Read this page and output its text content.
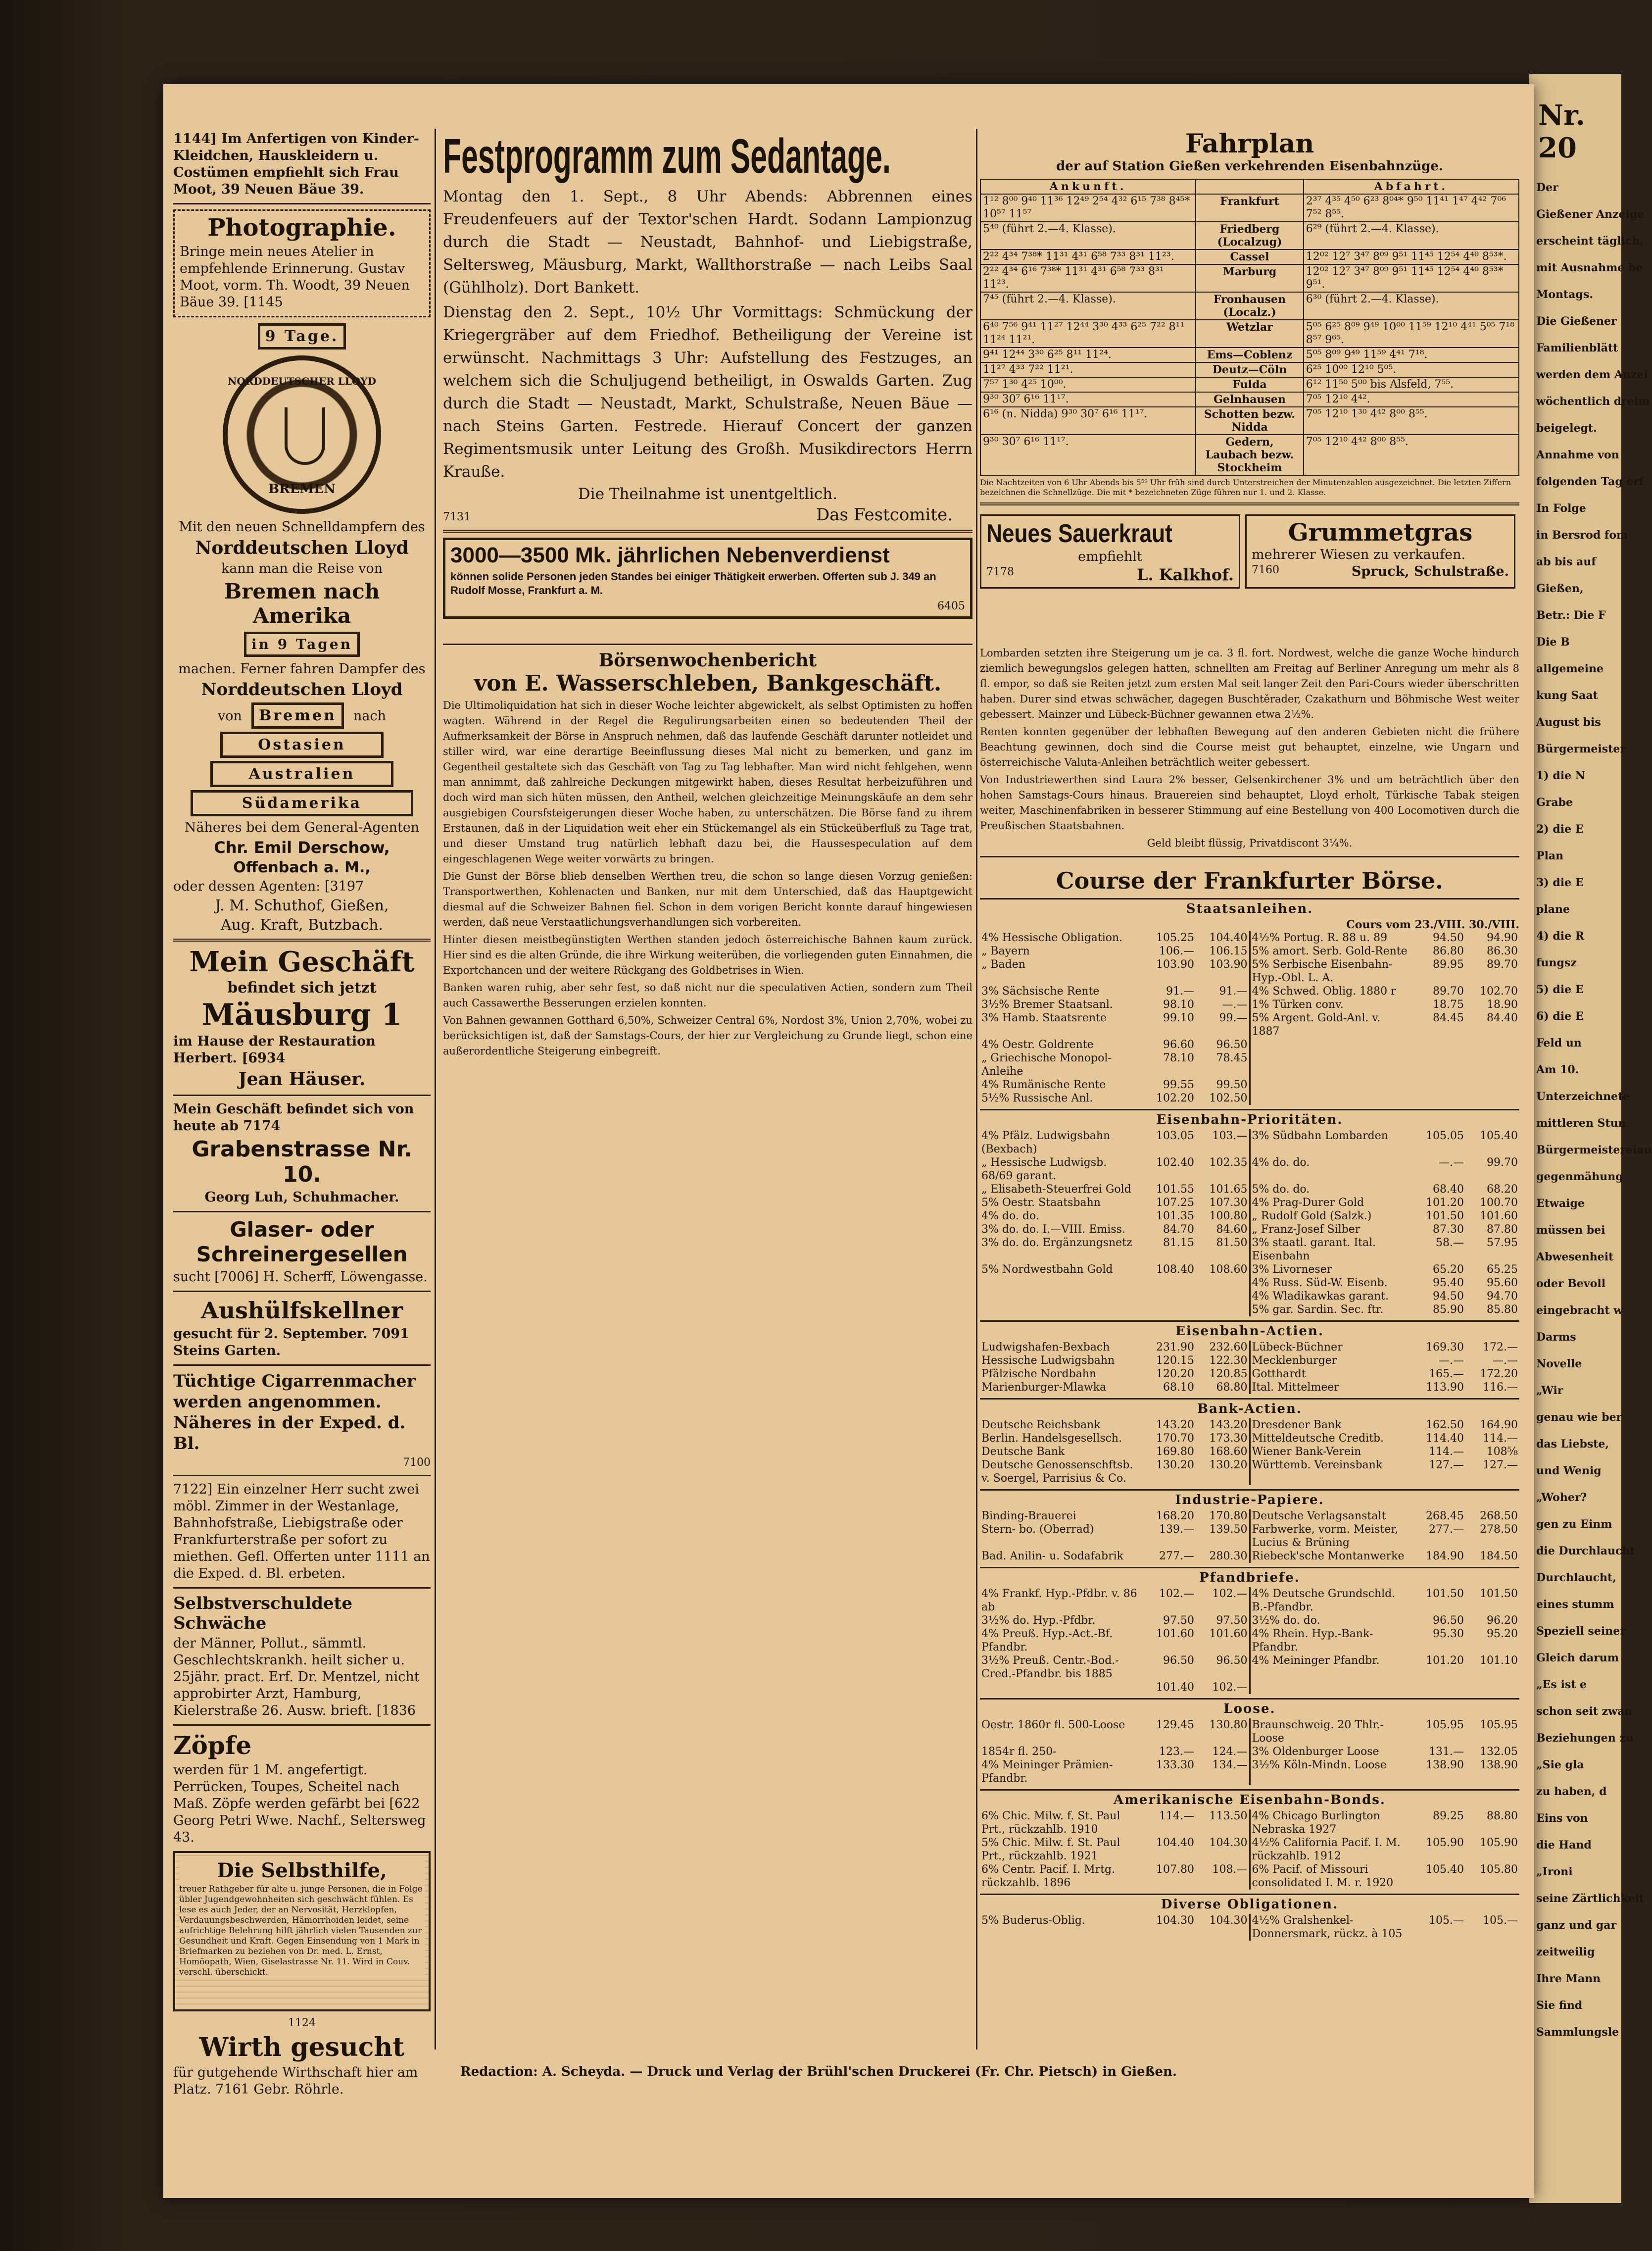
Nr. 20
Der
Gießener Anzeige
erscheint täglich,
mit Ausnahme be
Montags.
Die Gießener
Familienblätt
werden dem Anzei
wöchentlich dreim
beigelegt.
Annahme von
folgenden Tag erf
In Folge
in Bersrod fom
ab bis auf
Gießen,
Betr.: Die F
Die B
allgemeine
kung Saat
August bis
Bürgermeister
1) die N
Grabe
2) die E
Plan
3) die E
plane
4) die R
fungsz
5) die E
6) die E
Feld un
Am 10.
Unterzeichnete
mittleren Stun
Bürgermeistereiau
gegenmähung
Etwaige
müssen bei
Abwesenheit
oder Bevoll
eingebracht w
Darms
Novelle
„Wir
genau wie ber
das Liebste,
und Wenig
„Woher?
gen zu Einm
die Durchlaucht
Durchlaucht,
eines stumm
Speziell seiner
Gleich darum
„Es ist e
schon seit zwan
Beziehungen zu
„Sie gla
zu haben, d
Eins von
die Hand
„Ironi
seine Zärtlichkeit
ganz und gar
zeitweilig
Ihre Mann
Sie find
Sammlungsle

1144] Im Anfertigen von Kinder-Kleidchen, Hauskleidern u. Costümen empfiehlt sich Frau Moot, 39 Neuen Bäue 39.

Photographie.

Bringe mein neues Atelier in empfehlende Erinnerung. Gustav Moot, vorm. Th. Woodt, 39 Neuen Bäue 39. [1145

9 Tage.
NORDDEUTSCHER LLOYD
BREMEN

Mit den neuen Schnelldampfern des

Norddeutschen Lloyd

kann man die Reise von

Bremen nach Amerika

in 9 Tagen

machen. Ferner fahren Dampfer des

Norddeutschen Lloyd

von Bremen nach
Ostasien
Australien
Südamerika

Näheres bei dem General-Agenten

Chr. Emil Derschow,

Offenbach a. M.,

oder dessen Agenten: [3197

J. M. Schuthof, Gießen,

Aug. Kraft, Butzbach.

Mein Geschäft

befindet sich jetzt

Mäusburg 1

im Hause der Restauration Herbert. [6934

Jean Häuser.

Mein Geschäft befindet sich von heute ab 7174

Grabenstrasse Nr. 10.

Georg Luh, Schuhmacher.

Glaser- oder Schreinergesellen

sucht [7006] H. Scherff, Löwengasse.

Aushülfskellner

gesucht für 2. September. 7091 Steins Garten.

Tüchtige Cigarrenmacher werden angenommen. Näheres in der Exped. d. Bl.

7100

7122] Ein einzelner Herr sucht zwei möbl. Zimmer in der Westanlage, Bahnhofstraße, Liebigstraße oder Frankfurterstraße per sofort zu miethen. Gefl. Offerten unter 1111 an die Exped. d. Bl. erbeten.

Selbstverschuldete Schwäche

der Männer, Pollut., sämmtl. Geschlechtskrankh. heilt sicher u. 25jähr. pract. Erf. Dr. Mentzel, nicht approbirter Arzt, Hamburg, Kielerstraße 26. Ausw. brieft. [1836

Zöpfe

werden für 1 M. angefertigt. Perrücken, Toupes, Scheitel nach Maß. Zöpfe werden gefärbt bei [622 Georg Petri Wwe. Nachf., Seltersweg 43.

Die Selbsthilfe,

treuer Rathgeber für alte u. junge Personen, die in Folge übler Jugendgewohnheiten sich geschwächt fühlen. Es lese es auch Jeder, der an Nervosität, Herzklopfen, Verdauungsbeschwerden, Hämorrhoiden leidet, seine aufrichtige Belehrung hilft jährlich vielen Tausenden zur Gesundheit und Kraft. Gegen Einsendung von 1 Mark in Briefmarken zu beziehen von Dr. med. L. Ernst, Homöopath, Wien, Giselastrasse Nr. 11. Wird in Couv. verschl. überschickt.

1124

Wirth gesucht

für gutgehende Wirthschaft hier am Platz. 7161 Gebr. Röhrle.

Festprogramm zum Sedantage.

Montag den 1. Sept., 8 Uhr Abends: Abbrennen eines Freudenfeuers auf der Textor'schen Hardt. Sodann Lampionzug durch die Stadt — Neustadt, Bahnhof- und Liebigstraße, Seltersweg, Mäusburg, Markt, Wallthorstraße — nach Leibs Saal (Gühlholz). Dort Bankett.

Dienstag den 2. Sept., 10½ Uhr Vormittags: Schmückung der Kriegergräber auf dem Friedhof. Betheiligung der Vereine ist erwünscht. Nachmittags 3 Uhr: Aufstellung des Festzuges, an welchem sich die Schuljugend betheiligt, in Oswalds Garten. Zug durch die Stadt — Neustadt, Markt, Schulstraße, Neuen Bäue — nach Steins Garten. Festrede. Hierauf Concert der ganzen Regimentsmusik unter Leitung des Großh. Musikdirectors Herrn Krauße.

Die Theilnahme ist unentgeltlich.

7131	Das Festcomite.
3000—3500 Mk. jährlichen Nebenverdienst

können solide Personen jeden Standes bei einiger Thätigkeit erwerben. Offerten sub J. 349 an Rudolf Mosse, Frankfurt a. M.

6405

Fahrplan
der auf Station Gießen verkehrenden Eisenbahnzüge.
Ankunft.		Abfahrt.
1¹² 8⁰⁰ 9⁴⁰ 11³⁶ 12⁴⁹ 2⁵⁴ 4³² 6¹⁵ 7³⁸ 8⁴⁵* 10⁵⁷ 11⁵⁷	Frankfurt	2³⁷ 4³⁵ 4⁵⁰ 6²³ 8⁰⁴* 9⁵⁰ 11⁴¹ 1⁴⁷ 4⁴² 7⁰⁶ 7⁵² 8⁵⁵.
5⁴⁰ (führt 2.—4. Klasse).	Friedberg (Localzug)	6²⁹ (führt 2.—4. Klasse).
2²² 4³⁴ 7³⁸* 11³¹ 4³¹ 6⁵⁸ 7³³ 8³¹ 11²³.	Cassel	12⁰² 12⁷ 3⁴⁷ 8⁰⁹ 9⁵¹ 11⁴⁵ 12⁵⁴ 4⁴⁰ 8⁵³*.
2²² 4³⁴ 6¹⁶ 7³⁸* 11³¹ 4³¹ 6⁵⁸ 7³³ 8³¹ 11²³.	Marburg	12⁰² 12⁷ 3⁴⁷ 8⁰⁹ 9⁵¹ 11⁴⁵ 12⁵⁴ 4⁴⁰ 8⁵³* 9⁵¹.
7⁴⁵ (führt 2.—4. Klasse).	Fronhausen (Localz.)	6³⁰ (führt 2.—4. Klasse).
6⁴⁰ 7⁵⁶ 9⁴¹ 11²⁷ 12⁴⁴ 3³⁰ 4³³ 6²⁵ 7²² 8¹¹ 11²⁴ 11²¹.	Wetzlar	5⁰⁵ 6²⁵ 8⁰⁹ 9⁴⁹ 10⁰⁰ 11⁵⁹ 12¹⁰ 4⁴¹ 5⁰⁵ 7¹⁸ 8⁵⁷ 9⁶⁵.
9⁴¹ 12⁴⁴ 3³⁰ 6²⁵ 8¹¹ 11²⁴.	Ems—Coblenz	5⁰⁵ 8⁰⁹ 9⁴⁹ 11⁵⁹ 4⁴¹ 7¹⁸.
11²⁷ 4³³ 7²² 11²¹.	Deutz—Cöln	6²⁵ 10⁰⁰ 12¹⁰ 5⁰⁵.
7⁵⁷ 1³⁰ 4²⁵ 10⁰⁰.	Fulda	6¹² 11⁵⁰ 5⁰⁰ bis Alsfeld, 7⁵⁵.
9³⁰ 30⁷ 6¹⁶ 11¹⁷.	Gelnhausen	7⁰⁵ 12¹⁰ 4⁴².
6¹⁶ (n. Nidda) 9³⁰ 30⁷ 6¹⁶ 11¹⁷.	Schotten bezw. Nidda	7⁰⁵ 12¹⁰ 1³⁰ 4⁴² 8⁰⁰ 8⁵⁵.
9³⁰ 30⁷ 6¹⁶ 11¹⁷.	Gedern, Laubach bezw. Stockheim	7⁰⁵ 12¹⁰ 4⁴² 8⁰⁰ 8⁵⁵.

Die Nachtzeiten von 6 Uhr Abends bis 5⁵⁹ Uhr früh sind durch Unterstreichen der Minutenzahlen ausgezeichnet. Die letzten Ziffern bezeichnen die Schnellzüge. Die mit * bezeichneten Züge führen nur 1. und 2. Klasse.

Neues Sauerkraut
empfiehlt
7178	L. Kalkhof.
Grummetgras
mehrerer Wiesen zu verkaufen.
7160	Spruck, Schulstraße.
Börsenwochenbericht
von E. Wasserschleben, Bankgeschäft.

Die Ultimoliquidation hat sich in dieser Woche leichter abgewickelt, als selbst Optimisten zu hoffen wagten. Während in der Regel die Regulirungsarbeiten einen so bedeutenden Theil der Aufmerksamkeit der Börse in Anspruch nehmen, daß das laufende Geschäft darunter notleidet und stiller wird, war eine derartige Beeinflussung dieses Mal nicht zu bemerken, und ganz im Gegentheil gestaltete sich das Geschäft von Tag zu Tag lebhafter. Man wird nicht fehlgehen, wenn man annimmt, daß zahlreiche Deckungen mitgewirkt haben, dieses Resultat herbeizuführen und doch wird man sich hüten müssen, den Antheil, welchen gleichzeitige Meinungskäufe an dem sehr ausgiebigen Coursfsteigerungen dieser Woche haben, zu unterschätzen. Die Börse fand zu ihrem Erstaunen, daß in der Liquidation weit eher ein Stückemangel als ein Stückeüberfluß zu Tage trat, und dieser Umstand trug natürlich lebhaft dazu bei, die Haussespeculation auf dem eingeschlagenen Wege weiter vorwärts zu bringen.

Die Gunst der Börse blieb denselben Werthen treu, die schon so lange diesen Vorzug genießen: Transportwerthen, Kohlenacten und Banken, nur mit dem Unterschied, daß das Hauptgewicht diesmal auf die Schweizer Bahnen fiel. Schon in dem vorigen Bericht konnte darauf hingewiesen werden, daß neue Verstaatlichungsverhandlungen sich vorbereiten.

Hinter diesen meistbegünstigten Werthen standen jedoch österreichische Bahnen kaum zurück. Hier sind es die alten Gründe, die ihre Wirkung weiterüben, die vorliegenden guten Einnahmen, die Exportchancen und der weitere Rückgang des Goldbetrises in Wien.

Banken waren ruhig, aber sehr fest, so daß nicht nur die speculativen Actien, sondern zum Theil auch Cassawerthe Besserungen erzielen konnten.

Von Bahnen gewannen Gotthard 6,50%, Schweizer Central 6%, Nordost 3%, Union 2,70%, wobei zu berücksichtigen ist, daß der Samstags-Cours, der hier zur Vergleichung zu Grunde liegt, schon eine außerordentliche Steigerung einbegreift.

Lombarden setzten ihre Steigerung um je ca. 3 fl. fort. Nordwest, welche die ganze Woche hindurch ziemlich bewegungslos gelegen hatten, schnellten am Freitag auf Berliner Anregung um mehr als 8 fl. empor, so daß sie Reiten jetzt zum ersten Mal seit langer Zeit den Pari-Cours wieder überschritten haben. Durer sind etwas schwächer, dagegen Buschtěrader, Czakathurn und Böhmische West weiter gebessert. Mainzer und Lübeck-Büchner gewannen etwa 2½%.

Renten konnten gegenüber der lebhaften Bewegung auf den anderen Gebieten nicht die frühere Beachtung gewinnen, doch sind die Course meist gut behauptet, einzelne, wie Ungarn und österreichische Valuta-Anleihen beträchtlich weiter gebessert.

Von Industriewerthen sind Laura 2% besser, Gelsenkirchener 3% und um beträchtlich über den hohen Samstags-Cours hinaus. Brauereien sind behauptet, Lloyd erholt, Türkische Tabak steigen weiter, Maschinenfabriken in besserer Stimmung auf eine Bestellung von 400 Locomotiven durch die Preußischen Staatsbahnen.

Geld bleibt flüssig, Privatdiscont 3¼%.

Course der Frankfurter Börse.
Staatsanleihen.
Cours vom 23./VIII. 30./VIII.
4% Hessische Obligation.	105.25	104.40	4½% Portug. R. 88 u. 89	94.50	94.90
„ Bayern	106.—	106.15	5% amort. Serb. Gold-Rente	86.80	86.30
„ Baden	103.90	103.90	5% Serbische Eisenbahn-Hyp.-Obl. L. A.	89.95	89.70
3% Sächsische Rente	91.—	91.—	4% Schwed. Oblig. 1880 r	89.70	102.70
3½% Bremer Staatsanl.	98.10	—.—	1% Türken conv.	18.75	18.90
3% Hamb. Staatsrente	99.10	99.—	5% Argent. Gold-Anl. v. 1887	84.45	84.40
4% Oestr. Goldrente	96.60	96.50			
„ Griechische Monopol-Anleihe	78.10	78.45			
4% Rumänische Rente	99.55	99.50			
5½% Russische Anl.	102.20	102.50			
Eisenbahn-Prioritäten.
4% Pfälz. Ludwigsbahn (Bexbach)	103.05	103.—	3% Südbahn Lombarden	105.05	105.40
„ Hessische Ludwigsb. 68/69 garant.	102.40	102.35	4% do. do.	—.—	99.70
„ Elisabeth-Steuerfrei Gold	101.55	101.65	5% do. do.	68.40	68.20
5% Oestr. Staatsbahn	107.25	107.30	4% Prag-Durer Gold	101.20	100.70
4% do. do.	101.35	100.80	„ Rudolf Gold (Salzk.)	101.50	101.60
3% do. do. I.—VIII. Emiss.	84.70	84.60	„ Franz-Josef Silber	87.30	87.80
3% do. do. Ergänzungsnetz	81.15	81.50	3% staatl. garant. Ital. Eisenbahn	58.—	57.95
5% Nordwestbahn Gold	108.40	108.60	3% Livorneser	65.20	65.25
			4% Russ. Süd-W. Eisenb.	95.40	95.60
			4% Wladikawkas garant.	94.50	94.70
			5% gar. Sardin. Sec. ftr.	85.90	85.80
Eisenbahn-Actien.
Ludwigshafen-Bexbach	231.90	232.60	Lübeck-Büchner	169.30	172.—
Hessische Ludwigsbahn	120.15	122.30	Mecklenburger	—.—	—.—
Pfälzische Nordbahn	120.20	120.85	Gotthardt	165.—	172.20
Marienburger-Mlawka	68.10	68.80	Ital. Mittelmeer	113.90	116.—
Bank-Actien.
Deutsche Reichsbank	143.20	143.20	Dresdener Bank	162.50	164.90
Berlin. Handelsgesellsch.	170.70	173.30	Mitteldeutsche Creditb.	114.40	114.—
Deutsche Bank	169.80	168.60	Wiener Bank-Verein	114.—	108⅝
Deutsche Genossenschftsb. v. Soergel, Parrisius & Co.	130.20	130.20	Württemb. Vereinsbank	127.—	127.—
Industrie-Papiere.
Binding-Brauerei	168.20	170.80	Deutsche Verlagsanstalt	268.45	268.50
Stern- bo. (Oberrad)	139.—	139.50	Farbwerke, vorm. Meister, Lucius & Brüning	277.—	278.50
Bad. Anilin- u. Sodafabrik	277.—	280.30	Riebeck'sche Montanwerke	184.90	184.50
Pfandbriefe.
4% Frankf. Hyp.-Pfdbr. v. 86 ab	102.—	102.—	4% Deutsche Grundschld. B.-Pfandbr.	101.50	101.50
3½% do. Hyp.-Pfdbr.	97.50	97.50	3½% do. do.	96.50	96.20
4% Preuß. Hyp.-Act.-Bf. Pfandbr.	101.60	101.60	4% Rhein. Hyp.-Bank-Pfandbr.	95.30	95.20
3½% Preuß. Centr.-Bod.-Cred.-Pfandbr. bis 1885	96.50	96.50	4% Meininger Pfandbr.	101.20	101.10
	101.40	102.—			
Loose.
Oestr. 1860r fl. 500-Loose	129.45	130.80	Braunschweig. 20 Thlr.-Loose	105.95	105.95
1854r fl. 250-	123.—	124.—	3% Oldenburger Loose	131.—	132.05
4% Meininger Prämien-Pfandbr.	133.30	134.—	3½% Köln-Mindn. Loose	138.90	138.90
Amerikanische Eisenbahn-Bonds.
6% Chic. Milw. f. St. Paul Prt., rückzahlb. 1910	114.—	113.50	4% Chicago Burlington Nebraska 1927	89.25	88.80
5% Chic. Milw. f. St. Paul Prt., rückzahlb. 1921	104.40	104.30	4½% California Pacif. I. M. rückzahlb. 1912	105.90	105.90
6% Centr. Pacif. I. Mrtg. rückzahlb. 1896	107.80	108.—	6% Pacif. of Missouri consolidated I. M. r. 1920	105.40	105.80
Diverse Obligationen.
5% Buderus-Oblig.	104.30	104.30	4½% Gralshenkel-Donnersmark, rückz. à 105	105.—	105.—
Redaction: A. Scheyda. — Druck und Verlag der Brühl'schen Druckerei (Fr. Chr. Pietsch) in Gießen.
